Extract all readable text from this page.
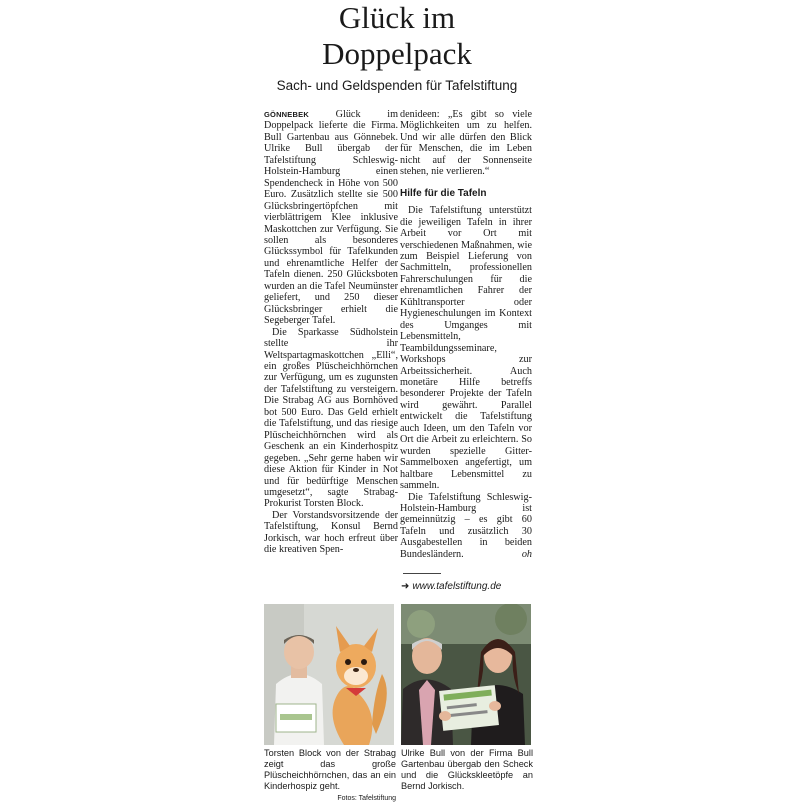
Glück im
Doppelpack
Sach- und Geldspenden für Tafelstiftung

GÖNNEBEK	Glück im Doppelpack lieferte die Firma. Bull Gartenbau aus Gönnebek. Ulrike Bull übergab der Tafelstiftung Schleswig-Holstein-Hamburg einen Spendencheck in Höhe von 500 Euro. Zusätzlich stellte sie 500 Glücksbringertöpfchen mit vierblättrigem Klee inklusive Maskottchen zur Verfügung. Sie sollen als besonderes Glückssymbol für Tafelkunden und ehrenamtliche Helfer der Tafeln dienen. 250 Glücksboten wurden an die Tafel Neumünster geliefert, und 250 dieser Glücksbringer erhielt die Segeberger Tafel.

Die Sparkasse Südholstein stellte ihr Weltspartagmaskottchen „Elli“, ein großes Plüscheichhörnchen zur Verfügung, um es zugunsten der Tafelstiftung zu versteigern. Die Strabag AG aus Bornhöved bot 500 Euro. Das Geld erhielt die Tafelstiftung, und das riesige Plüscheichhörnchen wird als Geschenk an ein Kinderhospitz gegeben. „Sehr gerne haben wir diese Aktion für Kinder in Not und für bedürftige Menschen umgesetzt“, sagte Strabag-Prokurist Torsten Block.

Der Vorstandsvorsitzende der Tafelstiftung, Konsul Bernd Jorkisch, war hoch erfreut über die kreativen Spen-

denideen: „Es gibt so viele Möglichkeiten um zu helfen. Und wir alle dürfen den Blick für Menschen, die im Leben nicht auf der Sonnenseite stehen, nie verlieren.“

Hilfe für die Tafeln

Die Tafelstiftung unterstützt die jeweiligen Tafeln in ihrer Arbeit vor Ort mit verschiedenen Maßnahmen, wie zum Beispiel Lieferung von Sachmitteln, professionellen Fahrerschulungen für die ehrenamtlichen Fahrer der Kühltransporter oder Hygieneschulungen im Kontext des Umganges mit Lebensmitteln, Teambildungsseminare, Workshops zur Arbeitssicherheit. Auch monetäre Hilfe betreffs besonderer Projekte der Tafeln wird gewährt. Parallel entwickelt die Tafelstiftung auch Ideen, um den Tafeln vor Ort die Arbeit zu erleichtern. So wurden spezielle Gitter-Sammelboxen angefertigt, um haltbare Lebensmittel zu sammeln.

Die Tafelstiftung Schleswig-Holstein-Hamburg ist gemeinnützig – es gibt 60 Tafeln und zusätzlich 30 Ausgabestellen in beiden Bundesländern.	oh

➜ www.tafelstiftung.de
Torsten Block von der Strabag zeigt das große Plüscheichhörnchen, das an ein Kinderhospiz geht.
Fotos: Tafelstiftung
Ulrike Bull von der Firma Bull Gartenbau übergab den Scheck und die Glückskleetöpfe an Bernd Jorkisch.
